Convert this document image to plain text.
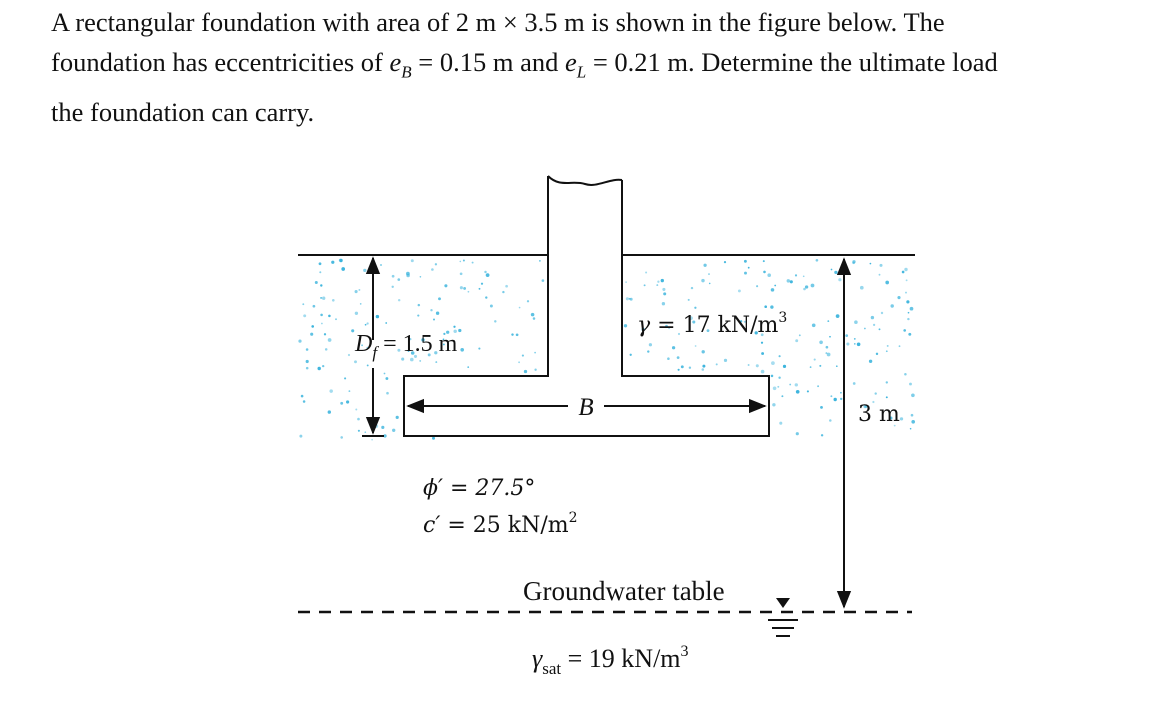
A rectangular foundation with area of 2 m × 3.5 m is shown in the figure below. The

foundation has eccentricities of $e_B = 0.15$ m and $e_L = 0.21$ m. Determine the ultimate load

the foundation can carry.

$D_f = 1.5$ m
γ = 17 $kN/m^3$
B	3 m
ϕ′ = 27.5°
c′ = 25 $kN/m^2$
Groundwater table
$\gamma_{sat} = 19$ $kN/m^3$
